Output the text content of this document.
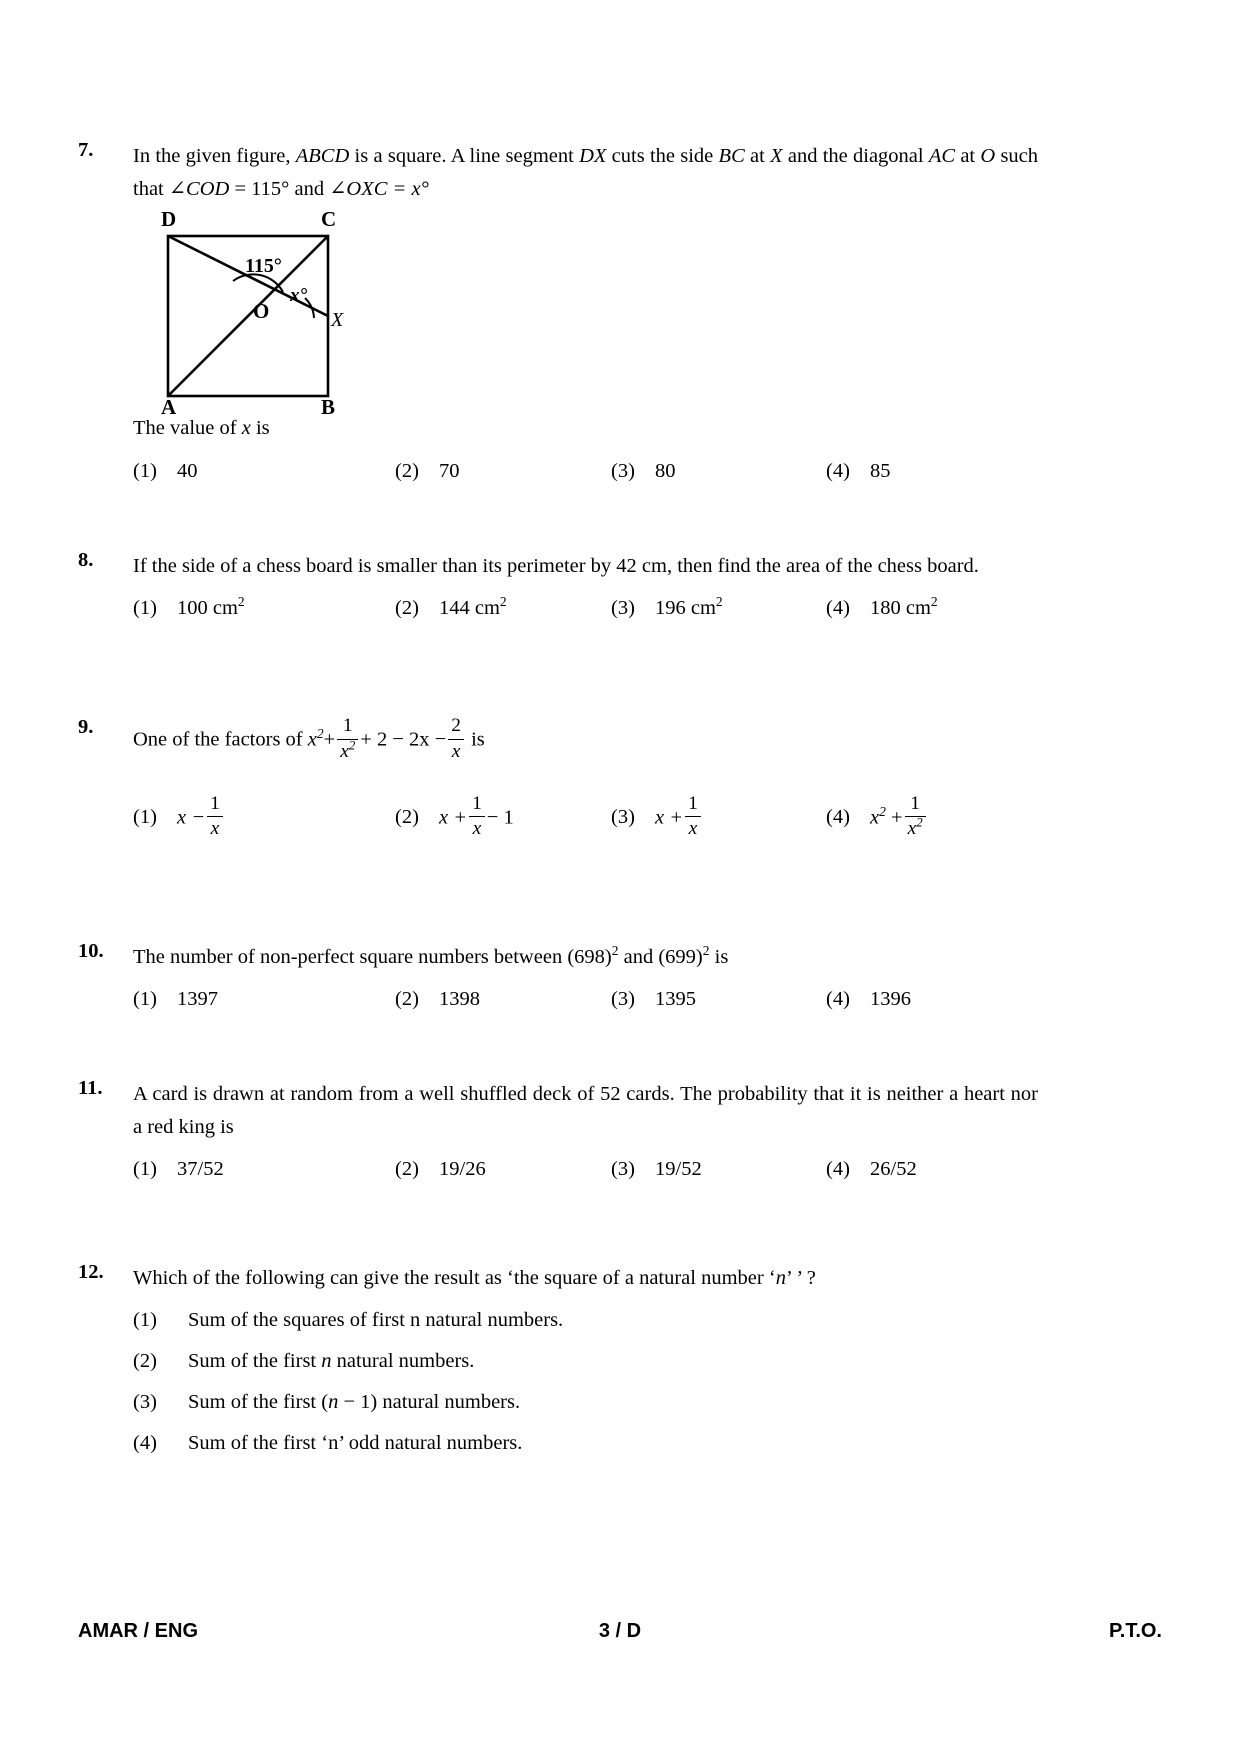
7.	In the given figure, ABCD is a square. A line segment DX cuts the side BC at X and the diagonal AC at O such that ∠COD = 115° and ∠OXC = x°
D	C
A	B
115°
O
x°
X
The value of x is
(1) 40	(2) 70	(3) 80	(4) 85
8.	If the side of a chess board is smaller than its perimeter by 42 cm, then find the area of the chess board.
(1) 100 $cm^2$	(2) 144 $cm^2$	(3) 196 $cm^2$	(4) 180 $cm^2$
9.
One of the factors of $x^2+ \frac{1}{x^2} + 2 - 2x - \frac{2}{x}$ is
(1) $x - \frac{1}{x}$	(2) $x + \frac{1}{x} - 1$	(3) $x + \frac{1}{x}$	(4) $x^2 + \frac{1}{x^2}$
10.	The number of non-perfect square numbers between $(698)^2$ and $(699)^2$ is
(1) 1397	(2) 1398	(3) 1395	(4) 1396
11.	A card is drawn at random from a well shuffled deck of 52 cards. The probability that it is neither a heart nor a red king is
(1) 37/52	(2) 19/26	(3) 19/52	(4) 26/52
12.	Which of the following can give the result as ‘the square of a natural number ‘n’ ’ ?
(1)	Sum of the squares of first n natural numbers.
(2)	Sum of the first n natural numbers.
(3)	Sum of the first (n − 1) natural numbers.
(4)	Sum of the first ‘n’ odd natural numbers.
AMAR / ENG	3 / D	P.T.O.
